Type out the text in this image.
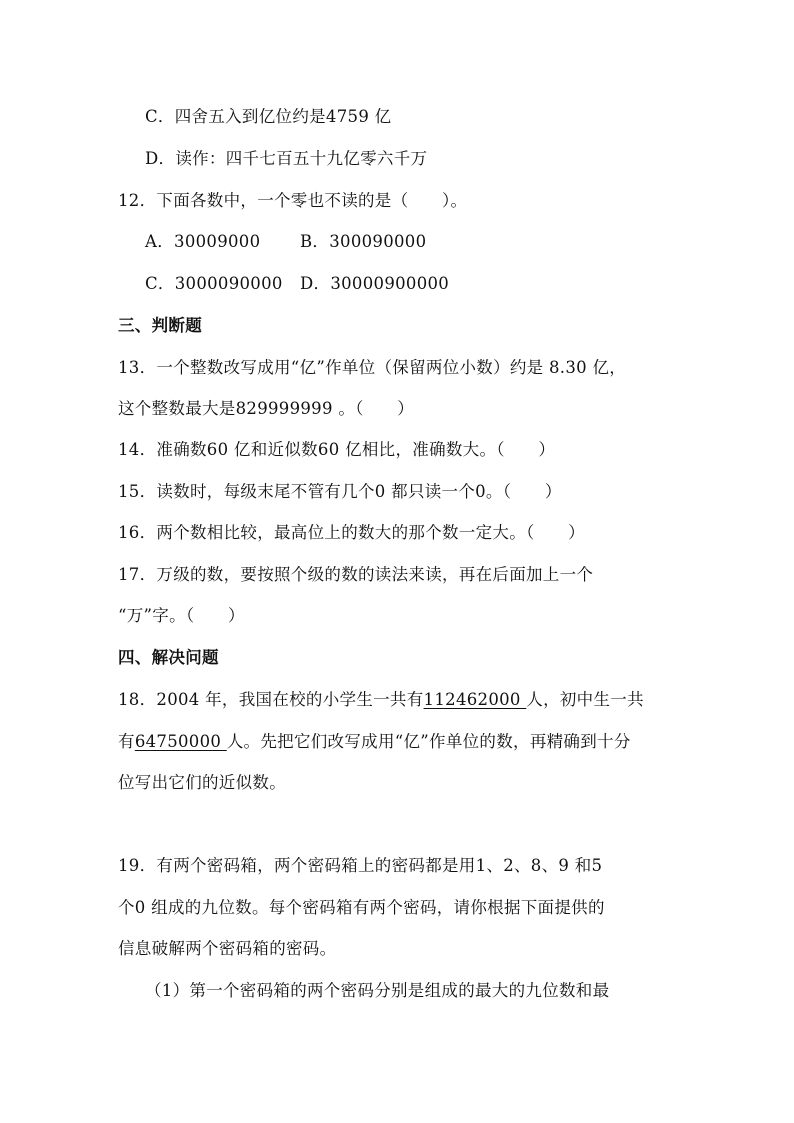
C．四舍五入到亿位约是4759 亿
D．读作：四千七百五十九亿零六千万
12．下面各数中，一个零也不读的是（　　）。
A．30009000 B．300090000
C．3000090000 D．30000900000
三、判断题
13．一个整数改写成用“亿”作单位（保留两位小数）约是 8.30 亿，
这个整数最大是829999999 。（　　）
14．准确数60 亿和近似数60 亿相比，准确数大。（　　）
15．读数时，每级末尾不管有几个0 都只读一个0。（　　）
16．两个数相比较，最高位上的数大的那个数一定大。（　　）
17．万级的数，要按照个级的数的读法来读，再在后面加上一个
“万”字。（　　）
四、解决问题
18．2004 年，我国在校的小学生一共有112462000 人，初中生一共
有64750000 人。先把它们改写成用“亿”作单位的数，再精确到十分
位写出它们的近似数。
19．有两个密码箱，两个密码箱上的密码都是用1、2、8、9 和5
个0 组成的九位数。每个密码箱有两个密码，请你根据下面提供的
信息破解两个密码箱的密码。
（1）第一个密码箱的两个密码分别是组成的最大的九位数和最
